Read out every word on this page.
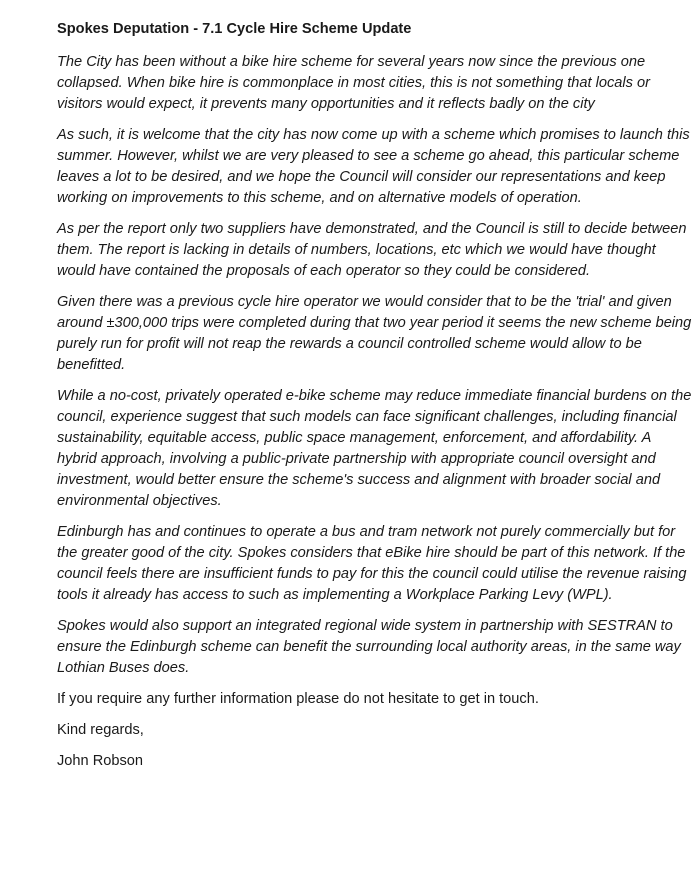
Spokes Deputation - 7.1 Cycle Hire Scheme Update

The City has been without a bike hire scheme for several years now since the previous one collapsed. When bike hire is commonplace in most cities, this is not something that locals or visitors would expect, it prevents many opportunities and it reflects badly on the city

As such, it is welcome that the city has now come up with a scheme which promises to launch this summer. However, whilst we are very pleased to see a scheme go ahead, this particular scheme leaves a lot to be desired, and we hope the Council will consider our representations and keep working on improvements to this scheme, and on alternative models of operation.

As per the report only two suppliers have demonstrated, and the Council is still to decide between them. The report is lacking in details of numbers, locations, etc which we would have thought would have contained the proposals of each operator so they could be considered.

Given there was a previous cycle hire operator we would consider that to be the 'trial' and given around ±300,000 trips were completed during that two year period it seems the new scheme being purely run for profit will not reap the rewards a council controlled scheme would allow to be benefitted.

While a no-cost, privately operated e-bike scheme may reduce immediate financial burdens on the council, experience suggest that such models can face significant challenges, including financial sustainability, equitable access, public space management, enforcement, and affordability. A hybrid approach, involving a public-private partnership with appropriate council oversight and investment, would better ensure the scheme's success and alignment with broader social and environmental objectives.

Edinburgh has and continues to operate a bus and tram network not purely commercially but for the greater good of the city. Spokes considers that eBike hire should be part of this network. If the council feels there are insufficient funds to pay for this the council could utilise the revenue raising tools it already has access to such as implementing a Workplace Parking Levy (WPL).

Spokes would also support an integrated regional wide system in partnership with SESTRAN to ensure the Edinburgh scheme can benefit the surrounding local authority areas, in the same way Lothian Buses does.

If you require any further information please do not hesitate to get in touch.

Kind regards,

John Robson
